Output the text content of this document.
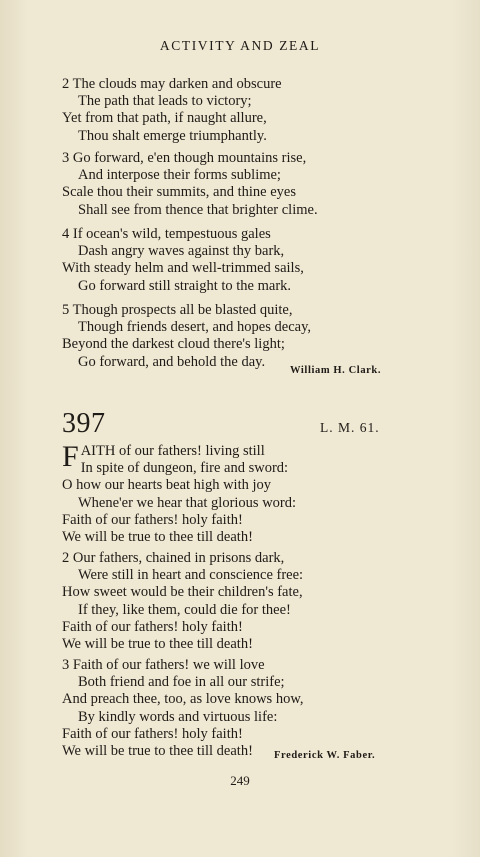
ACTIVITY AND ZEAL
2 The clouds may darken and obscure
The path that leads to victory;
Yet from that path, if naught allure,
Thou shalt emerge triumphantly.
3 Go forward, e'en though mountains rise,
And interpose their forms sublime;
Scale thou their summits, and thine eyes
Shall see from thence that brighter clime.
4 If ocean's wild, tempestuous gales
Dash angry waves against thy bark,
With steady helm and well-trimmed sails,
Go forward still straight to the mark.
5 Though prospects all be blasted quite,
Though friends desert, and hopes decay,
Beyond the darkest cloud there's light;
Go forward, and behold the day.
William H. Clark.
397	L. M. 61.
F AITH of our fathers! living still
In spite of dungeon, fire and sword:
O how our hearts beat high with joy
Whene'er we hear that glorious word:
Faith of our fathers! holy faith!
We will be true to thee till death!
2 Our fathers, chained in prisons dark,
Were still in heart and conscience free:
How sweet would be their children's fate,
If they, like them, could die for thee!
Faith of our fathers! holy faith!
We will be true to thee till death!
3 Faith of our fathers! we will love
Both friend and foe in all our strife;
And preach thee, too, as love knows how,
By kindly words and virtuous life:
Faith of our fathers! holy faith!
We will be true to thee till death!	Frederick W. Faber.
249
